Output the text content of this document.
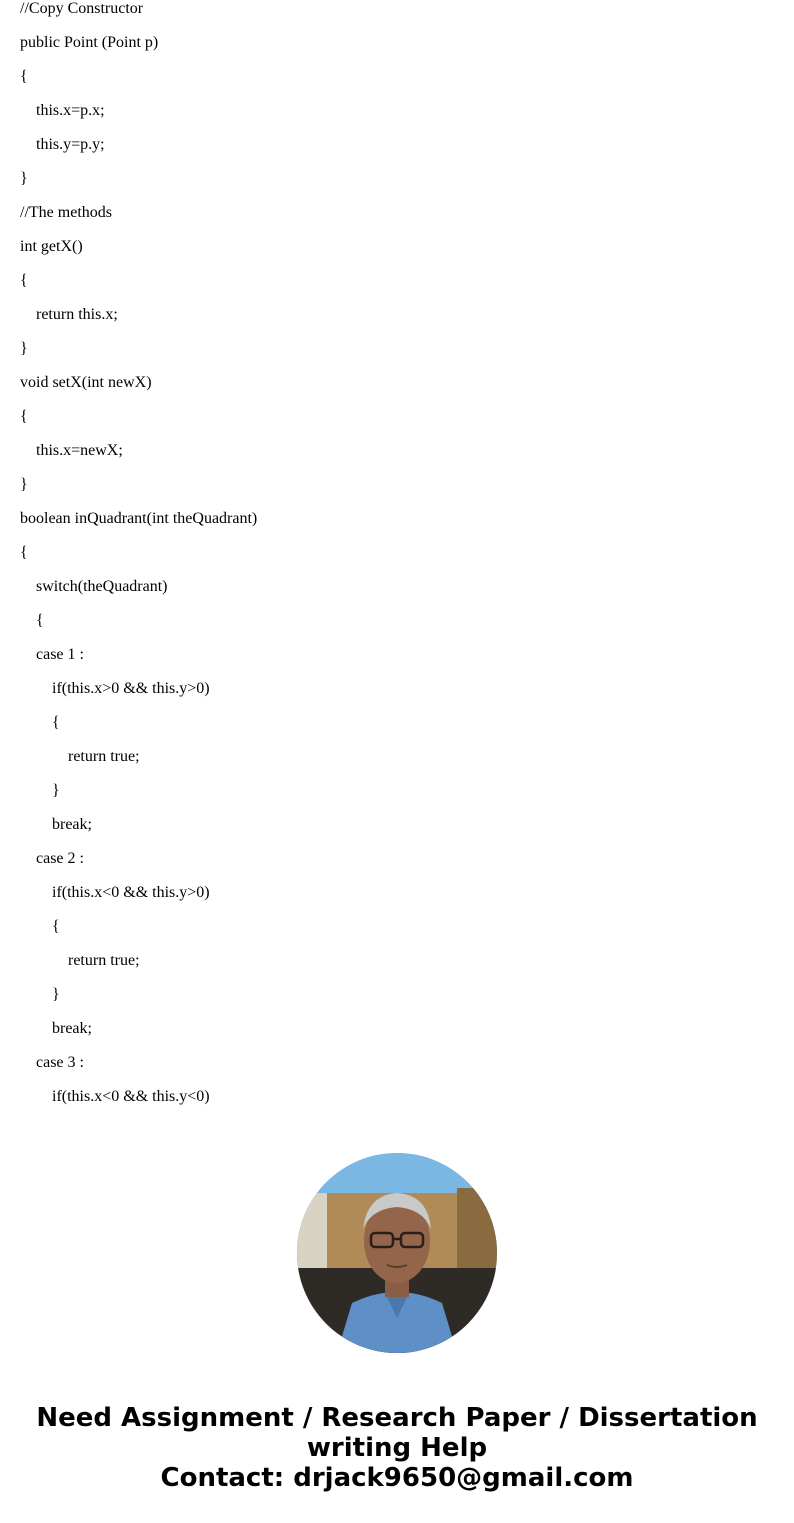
//Copy Constructor
public Point (Point p)
{
this.x=p.x;
this.y=p.y;
}
//The methods
int getX()
{
return this.x;
}
void setX(int newX)
{
this.x=newX;
}
boolean inQuadrant(int theQuadrant)
{
switch(theQuadrant)
{
case 1 :
if(this.x>0 && this.y>0)
{
return true;
}
break;
case 2 :
if(this.x<0 && this.y>0)
{
return true;
}
break;
case 3 :
if(this.x<0 && this.y<0)
Need Assignment / Research Paper / Dissertation
writing Help
Contact: drjack9650@gmail.com
